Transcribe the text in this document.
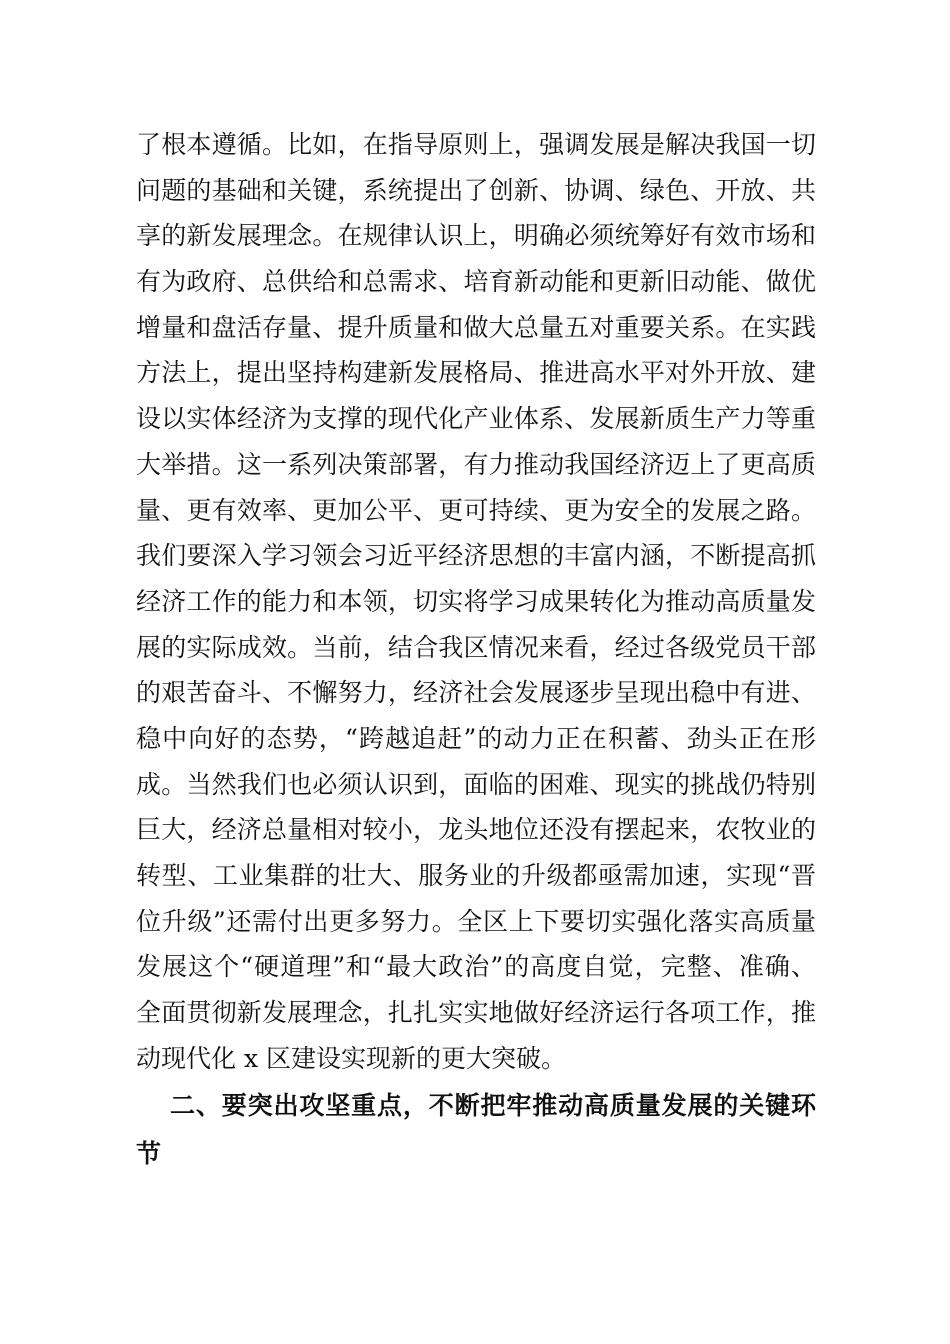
了根本遵循。比如，在指导原则上，强调发展是解决我国一切
问题的基础和关键，系统提出了创新、协调、绿色、开放、共
享的新发展理念。在规律认识上，明确必须统筹好有效市场和
有为政府、总供给和总需求、培育新动能和更新旧动能、做优
增量和盘活存量、提升质量和做大总量五对重要关系。在实践
方法上，提出坚持构建新发展格局、推进高水平对外开放、建
设以实体经济为支撑的现代化产业体系、发展新质生产力等重
大举措。这一系列决策部署，有力推动我国经济迈上了更高质
量、更有效率、更加公平、更可持续、更为安全的发展之路。
我们要深入学习领会习近平经济思想的丰富内涵，不断提高抓
经济工作的能力和本领，切实将学习成果转化为推动高质量发
展的实际成效。当前，结合我区情况来看，经过各级党员干部
的艰苦奋斗、不懈努力，经济社会发展逐步呈现出稳中有进、
稳中向好的态势，“跨越追赶”的动力正在积蓄、劲头正在形
成。当然我们也必须认识到，面临的困难、现实的挑战仍特别
巨大，经济总量相对较小，龙头地位还没有摆起来，农牧业的
转型、工业集群的壮大、服务业的升级都亟需加速，实现“晋
位升级”还需付出更多努力。全区上下要切实强化落实高质量
发展这个“硬道理”和“最大政治”的高度自觉，完整、准确、
全面贯彻新发展理念，扎扎实实地做好经济运行各项工作，推
动现代化 x 区建设实现新的更大突破。
二、要突出攻坚重点，不断把牢推动高质量发展的关键环
节
